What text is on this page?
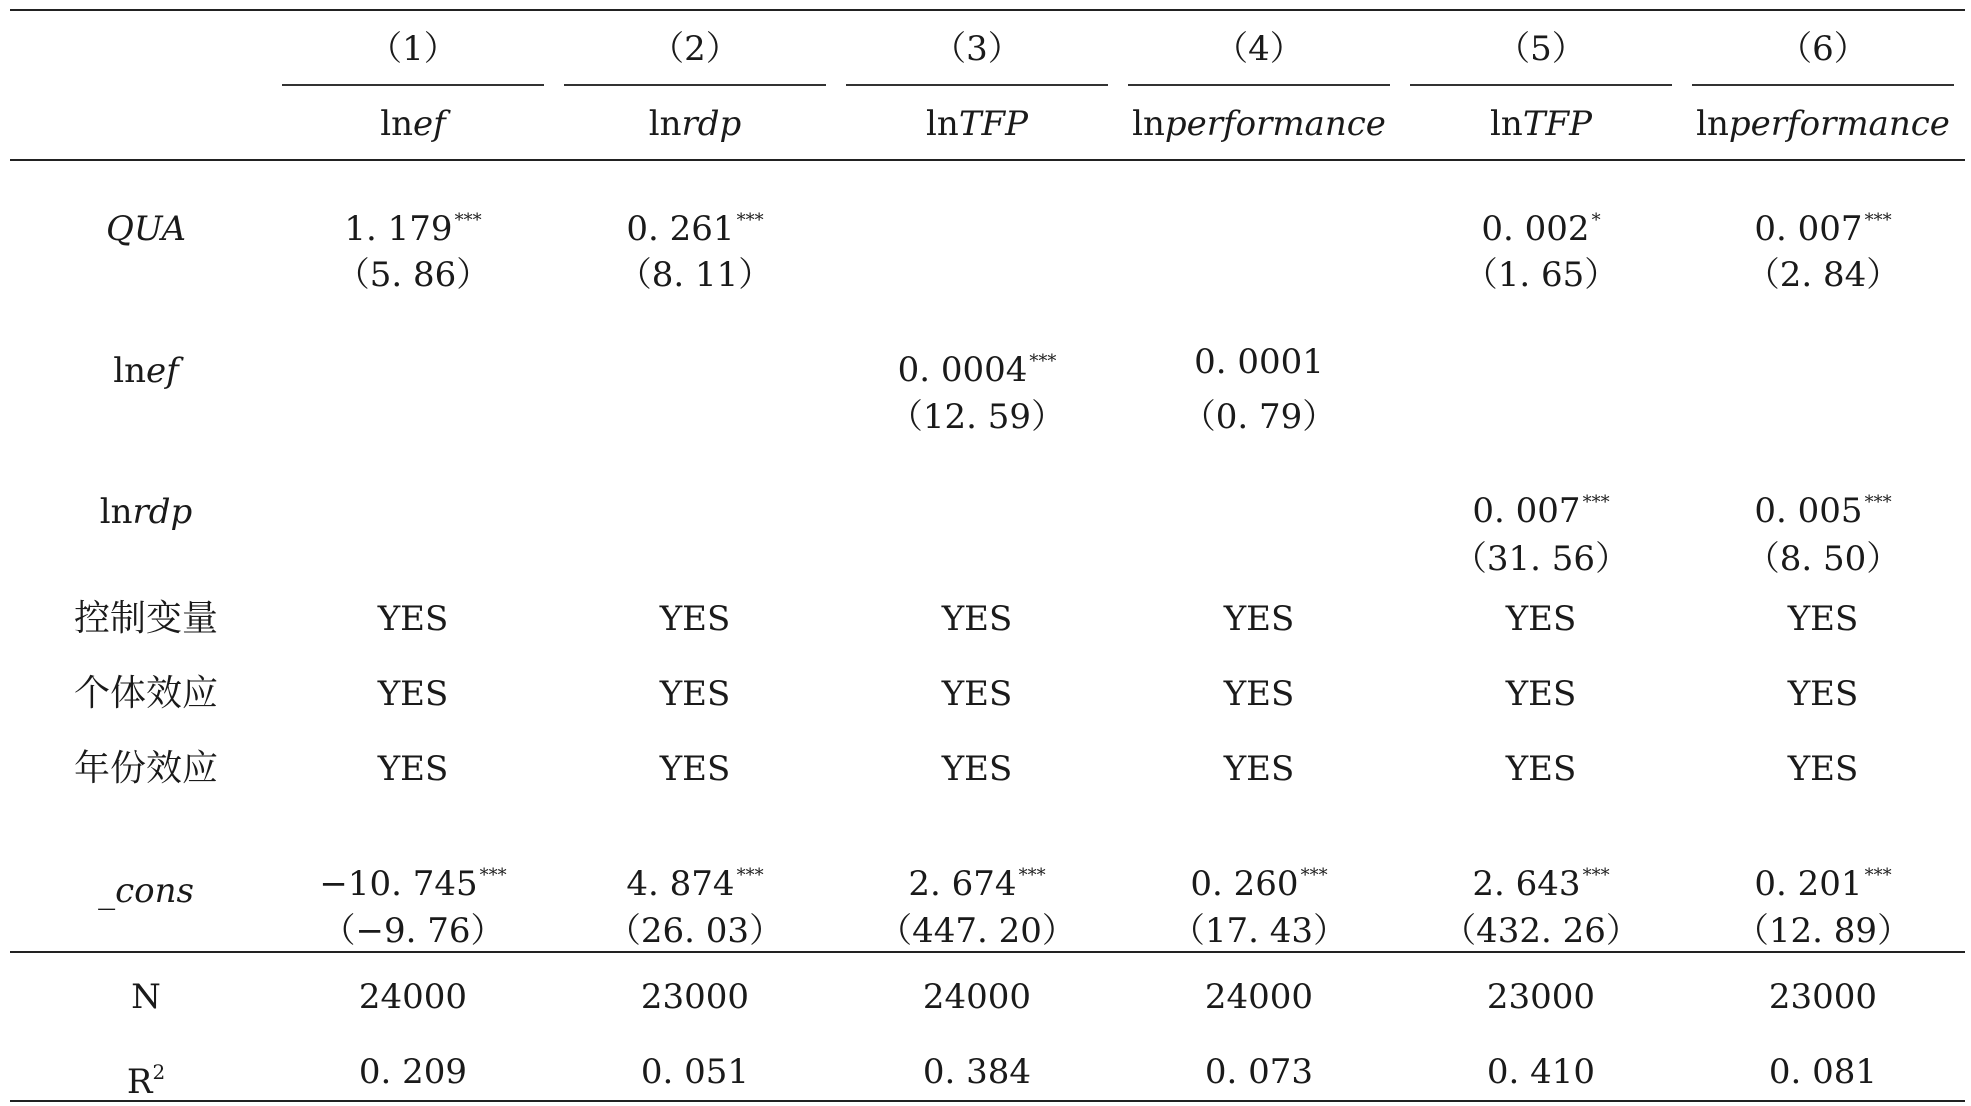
QUA
lnef
lnrdp
控制变量
个体效应
年份效应
_cons
N
$R^2$
（1）
lnef
1. 179 ***
（5. 86）
−10. 745 ***
（−9. 76）
YES
YES
YES
24000
0. 209
（2）
lnrdp
0. 261 ***
（8. 11）
4. 874 ***
（26. 03）
YES
YES
YES
23000
0. 051
（3）
lnTFP
0. 0004 ***
（12. 59）
2. 674 ***
（447. 20）
YES
YES
YES
24000
0. 384
（4）
lnperformance
0. 0001
（0. 79）
0. 260 ***
（17. 43）
YES
YES
YES
24000
0. 073
（5）
lnTFP
0. 002 *
（1. 65）
0. 007 ***
（31. 56）
2. 643 ***
（432. 26）
YES
YES
YES
23000
0. 410
（6）
lnperformance
0. 007 ***
（2. 84）
0. 005 ***
（8. 50）
0. 201 ***
（12. 89）
YES
YES
YES
23000
0. 081
